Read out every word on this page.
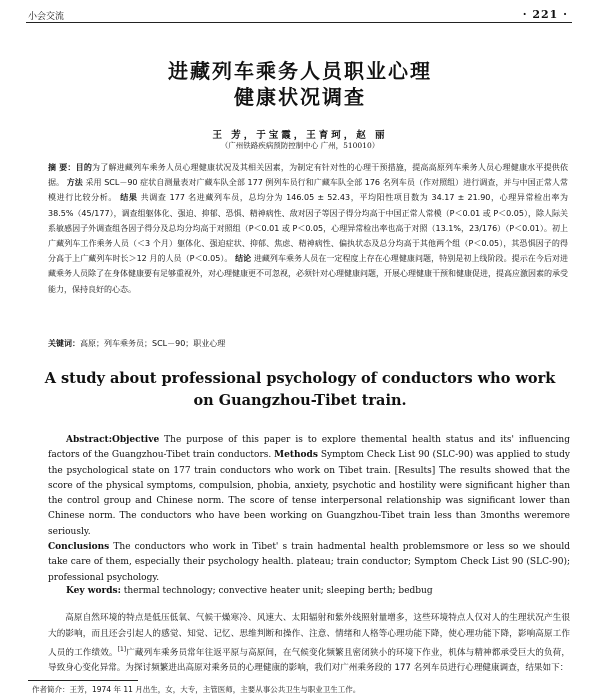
小会交流	· 221 ·
进藏列车乘务人员职业心理
健康状况调查
王 芳，于宝霞，王育珂，赵 丽
（广州铁路疾病预防控制中心 广州，510010）
摘 要：目的为了解进藏列车乘务人员心理健康状况及其相关因素，为制定有针对性的心理干预措施，提高高原列车乘务人员心理健康水平提供依据。 方法 采用 SCL－90 症状自测量表对广藏车队全部 177 例列车员行和广藏车队全部 176 名列车员（作对照组）进行调查，并与中国正常人常模进行比较分析。 结果 共调查 177 名进藏列车员，总均分为 146.05 ± 52.43，平均阳性项目数为 34.17 ± 21.90，心理异常检出率为 38.5%（45/177），调查组躯体化、强迫、抑郁、恐惧、精神病性、敌对因子等因子得分均高于中国正常人常模（P＜0.01 或 P＜0.05），除人际关系敏感因子外调查组各因子得分及总均分均高于对照组（P＜0.01 或 P＜0.05，心理异常检出率也高于对照（13.1%，23/176）（P＜0.01）。初上广藏列车工作乘务人员（＜3 个月）躯体化、强迫症状、抑郁、焦虑、精神病性、偏执状态及总分均高于其他两个组（P＜0.05），其恐惧因子的得分高于上广藏列车时长＞12 月的人员（P＜0.05）。 结论 进藏列车乘务人员在一定程度上存在心理健康问题，特别是初上线阶段。提示在今后对进藏乘务人员除了在身体健康要有足够重视外，对心理健康更不可忽视，必须针对心理健康问题，开展心理健康干预和健康促进，提高应激因素的承受能力，保持良好的心态。
关键词：高原；列车乘务员；SCL－90；职业心理
A study about professional psychology of conductors who work
on Guangzhou-Tibet train.
Abstract:Objective The purpose of this paper is to explore themental health status and its' influencing factors of the Guangzhou-Tibet train conductors. Methods Symptom Check List 90 (SLC-90) was applied to study the psychological state on 177 train conductors who work on Tibet train. [Results] The results showed that the score of the physical symptoms, compulsion, phobia, anxiety, psychotic and hostility were significant higher than the control group and Chinese norm. The score of tense interpersonal relationship was significant lower than Chinese norm. The conductors who have been working on Guangzhou-Tibet train less than 3months weremore seriously.
Conclusions The conductors who work in Tibet' s train hadmental health problemsmore or less so we should take care of them, especially their psychology health. plateau; train conductor; Symptom Check List 90 (SLC-90); professional psychology.
Key words: thermal technology; convective heater unit; sleeping berth; bedbug
高原自然环境的特点是低压低氧、气候干燥寒冷、风速大、太阳辐射和紫外线照射量增多，这些环境特点人仅对人的生理状况产生很大的影响，而且还会引起人的感觉、知觉、记忆、思维判断和操作、注意、情绪和人格等心理功能下降，使心理功能下降，影响高原工作人员的工作绩效。[1]广藏列车乘务员常年往返平原与高原间，在气候变化频繁且密闭狭小的环境下作业，机体与精神都承受巨大的负荷，导致身心变化异常。为探讨频繁进出高原对乘务员的心理健康的影响，我们对广州乘务段的 177 名列车员进行心理健康调查，结果如下：
作者简介：王芳，1974 年 11 月出生，女，大专，主管医师，主要从事公共卫生与职业卫生工作。
